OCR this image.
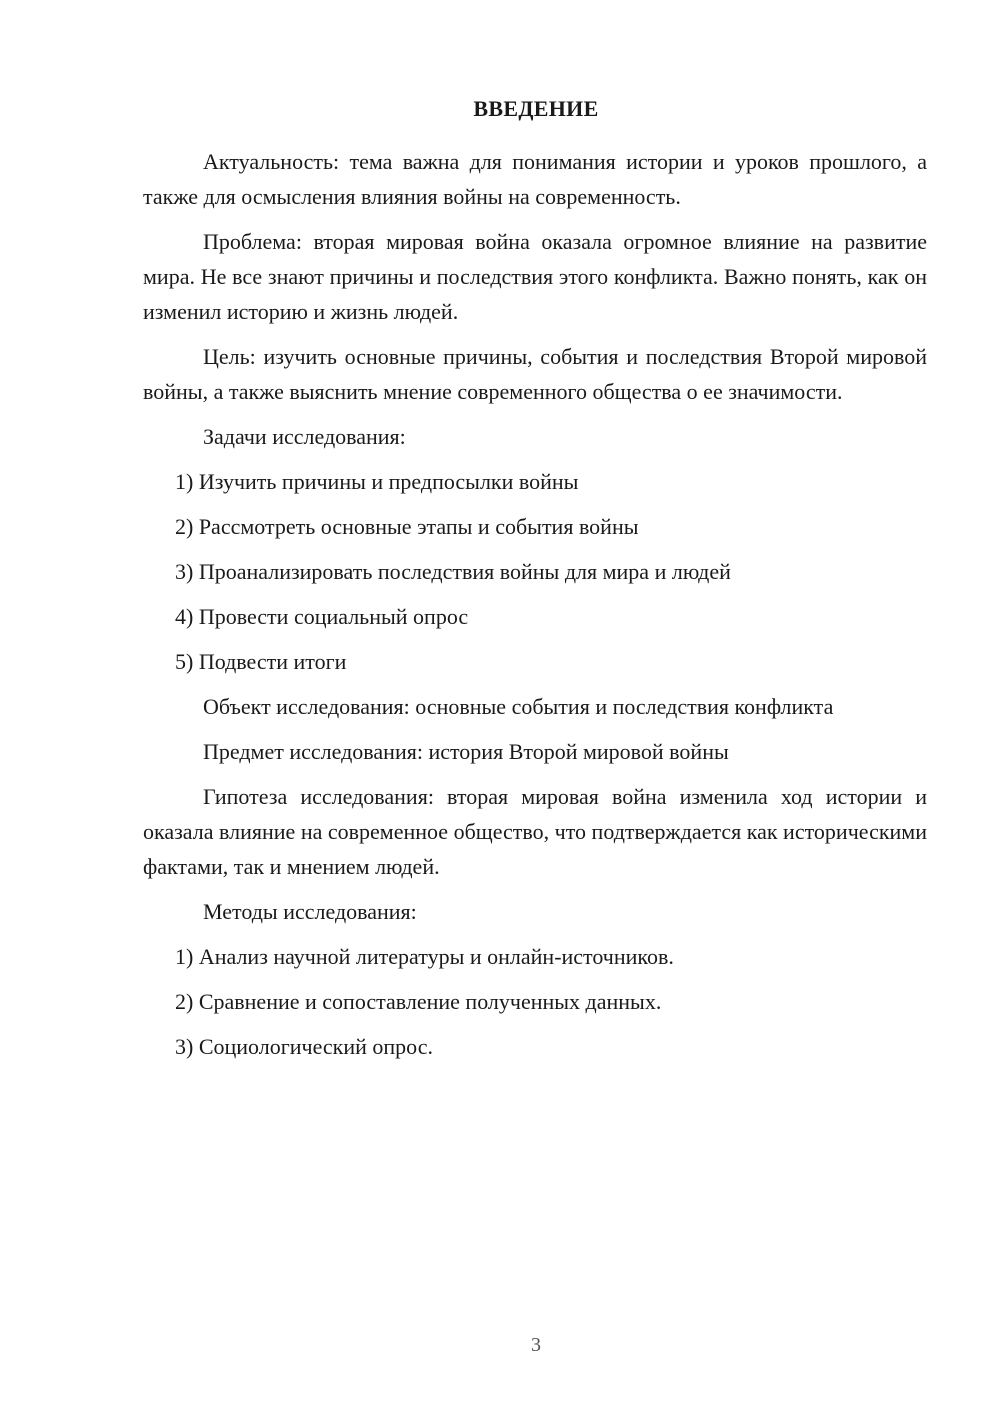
ВВЕДЕНИЕ

Актуальность: тема важна для понимания истории и уроков прошлого, а также для осмысления влияния войны на современность.

Проблема: вторая мировая война оказала огромное влияние на развитие мира. Не все знают причины и последствия этого конфликта. Важно понять, как он изменил историю и жизнь людей.

Цель: изучить основные причины, события и последствия Второй мировой войны, а также выяснить мнение современного общества о ее значимости.

Задачи исследования:

1) Изучить причины и предпосылки войны

2) Рассмотреть основные этапы и события войны

3) Проанализировать последствия войны для мира и людей

4) Провести социальный опрос

5) Подвести итоги

Объект исследования: основные события и последствия конфликта

Предмет исследования: история Второй мировой войны

Гипотеза исследования: вторая мировая война изменила ход истории и оказала влияние на современное общество, что подтверждается как историческими фактами, так и мнением людей.

Методы исследования:

1) Анализ научной литературы и онлайн-источников.

2) Сравнение и сопоставление полученных данных.

3) Социологический опрос.

3
